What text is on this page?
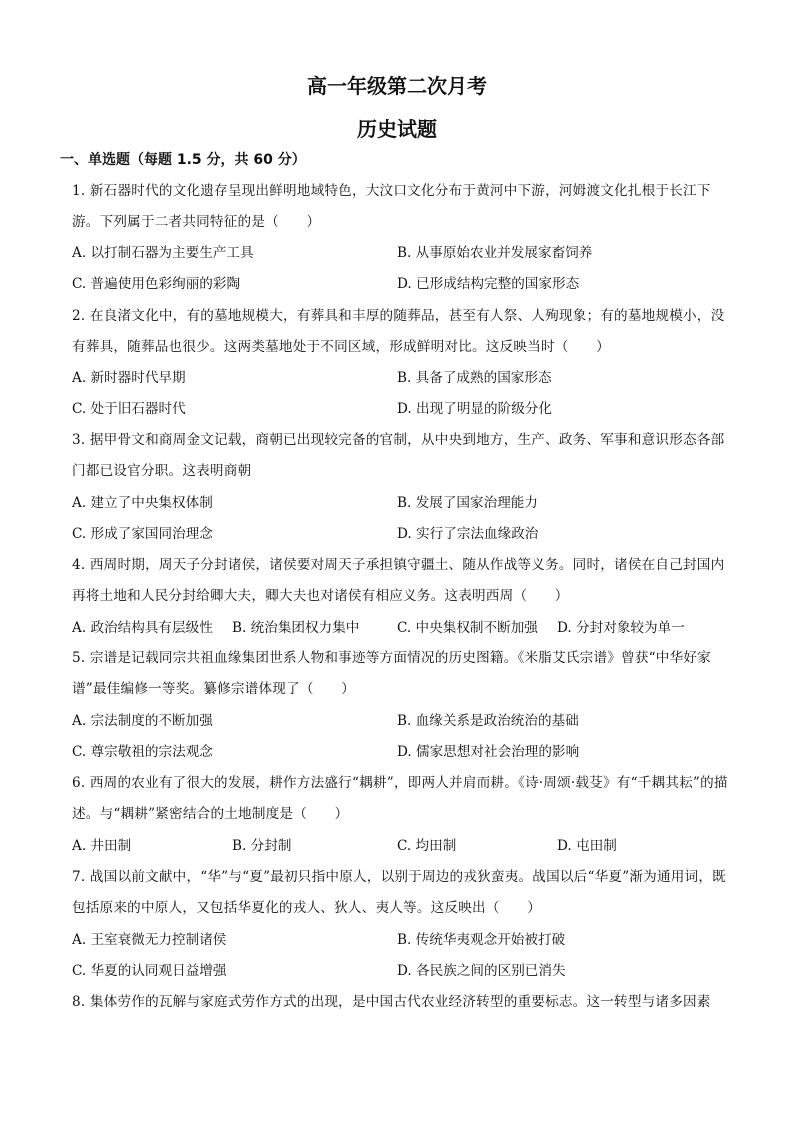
高一年级第二次月考
历史试题
一、单选题（每题 1.5 分，共 60 分）
1. 新石器时代的文化遗存呈现出鲜明地域特色，大汶口文化分布于黄河中下游，河姆渡文化扎根于长江下游。下列属于二者共同特征的是（　　）
A. 以打制石器为主要生产工具	B. 从事原始农业并发展家畜饲养
C. 普遍使用色彩绚丽的彩陶	D. 已形成结构完整的国家形态
2. 在良渚文化中，有的墓地规模大，有葬具和丰厚的随葬品，甚至有人祭、人殉现象；有的墓地规模小，没有葬具，随葬品也很少。这两类墓地处于不同区域，形成鲜明对比。这反映当时（　　）
A. 新时器时代早期	B. 具备了成熟的国家形态
C. 处于旧石器时代	D. 出现了明显的阶级分化
3. 据甲骨文和商周金文记载，商朝已出现较完备的官制，从中央到地方，生产、政务、军事和意识形态各部门都已设官分职。这表明商朝
A. 建立了中央集权体制	B. 发展了国家治理能力
C. 形成了家国同治理念	D. 实行了宗法血缘政治
4. 西周时期，周天子分封诸侯，诸侯要对周天子承担镇守疆土、随从作战等义务。同时，诸侯在自己封国内再将土地和人民分封给卿大夫，卿大夫也对诸侯有相应义务。这表明西周（　　）
A. 政治结构具有层级性 B. 统治集团权力集中	C. 中央集权制不断加强 D. 分封对象较为单一
5. 宗谱是记载同宗共祖血缘集团世系人物和事迹等方面情况的历史图籍。《米脂艾氏宗谱》曾获“中华好家谱”最佳编修一等奖。纂修宗谱体现了（　　）
A. 宗法制度的不断加强	B. 血缘关系是政治统治的基础
C. 尊宗敬祖的宗法观念	D. 儒家思想对社会治理的影响
6. 西周的农业有了很大的发展，耕作方法盛行“耦耕”，即两人并肩而耕。《诗·周颂·载芟》有“千耦其耘”的描述。与“耦耕”紧密结合的土地制度是（　　）
A. 井田制	B. 分封制	C. 均田制	D. 屯田制
7. 战国以前文献中，“华”与“夏”最初只指中原人，以别于周边的戎狄蛮夷。战国以后“华夏”渐为通用词，既包括原来的中原人，又包括华夏化的戎人、狄人、夷人等。这反映出（　　）
A. 王室衰微无力控制诸侯	B. 传统华夷观念开始被打破
C. 华夏的认同观日益增强	D. 各民族之间的区别已消失
8. 集体劳作的瓦解与家庭式劳作方式的出现，是中国古代农业经济转型的重要标志。这一转型与诸多因素
